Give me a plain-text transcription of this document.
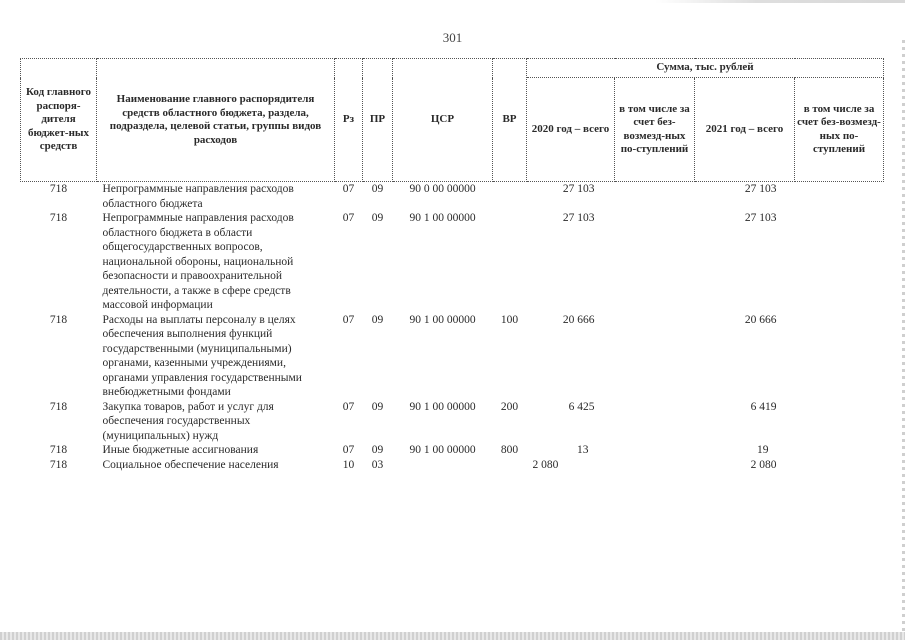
301
Код главного распоря-дителя бюджет-ных средств	Наименование главного распорядителя средств областного бюджета, раздела, подраздела, целевой статьи, группы видов расходов	Рз	ПР	ЦСР	ВР	Сумма, тыс. рублей			
						2020 год – всего	в том числе за счет без-возмезд-ных по-ступлений	2021 год – всего	в том числе за счет без-возмезд-ных по-ступлений
718	Непрограммные направления расходов областного бюджета	07	09	90 0 00 00000		27 103		27 103	
718	Непрограммные направления расходов областного бюджета в области общегосударственных вопросов, национальной обороны, национальной безопасности и правоохранительной деятельности, а также в сфере средств массовой информации	07	09	90 1 00 00000		27 103		27 103	
718	Расходы на выплаты персоналу в целях обеспечения выполнения функций государственными (муниципальными) органами, казенными учреждениями, органами управления государственными внебюджетными фондами	07	09	90 1 00 00000	100	20 666		20 666	
718	Закупка товаров, работ и услуг для обеспечения государственных (муниципальных) нужд	07	09	90 1 00 00000	200	6 425		6 419	
718	Иные бюджетные ассигнования	07	09	90 1 00 00000	800	13		19	
718	Социальное обеспечение населения	10	03			2 080		2 080	
